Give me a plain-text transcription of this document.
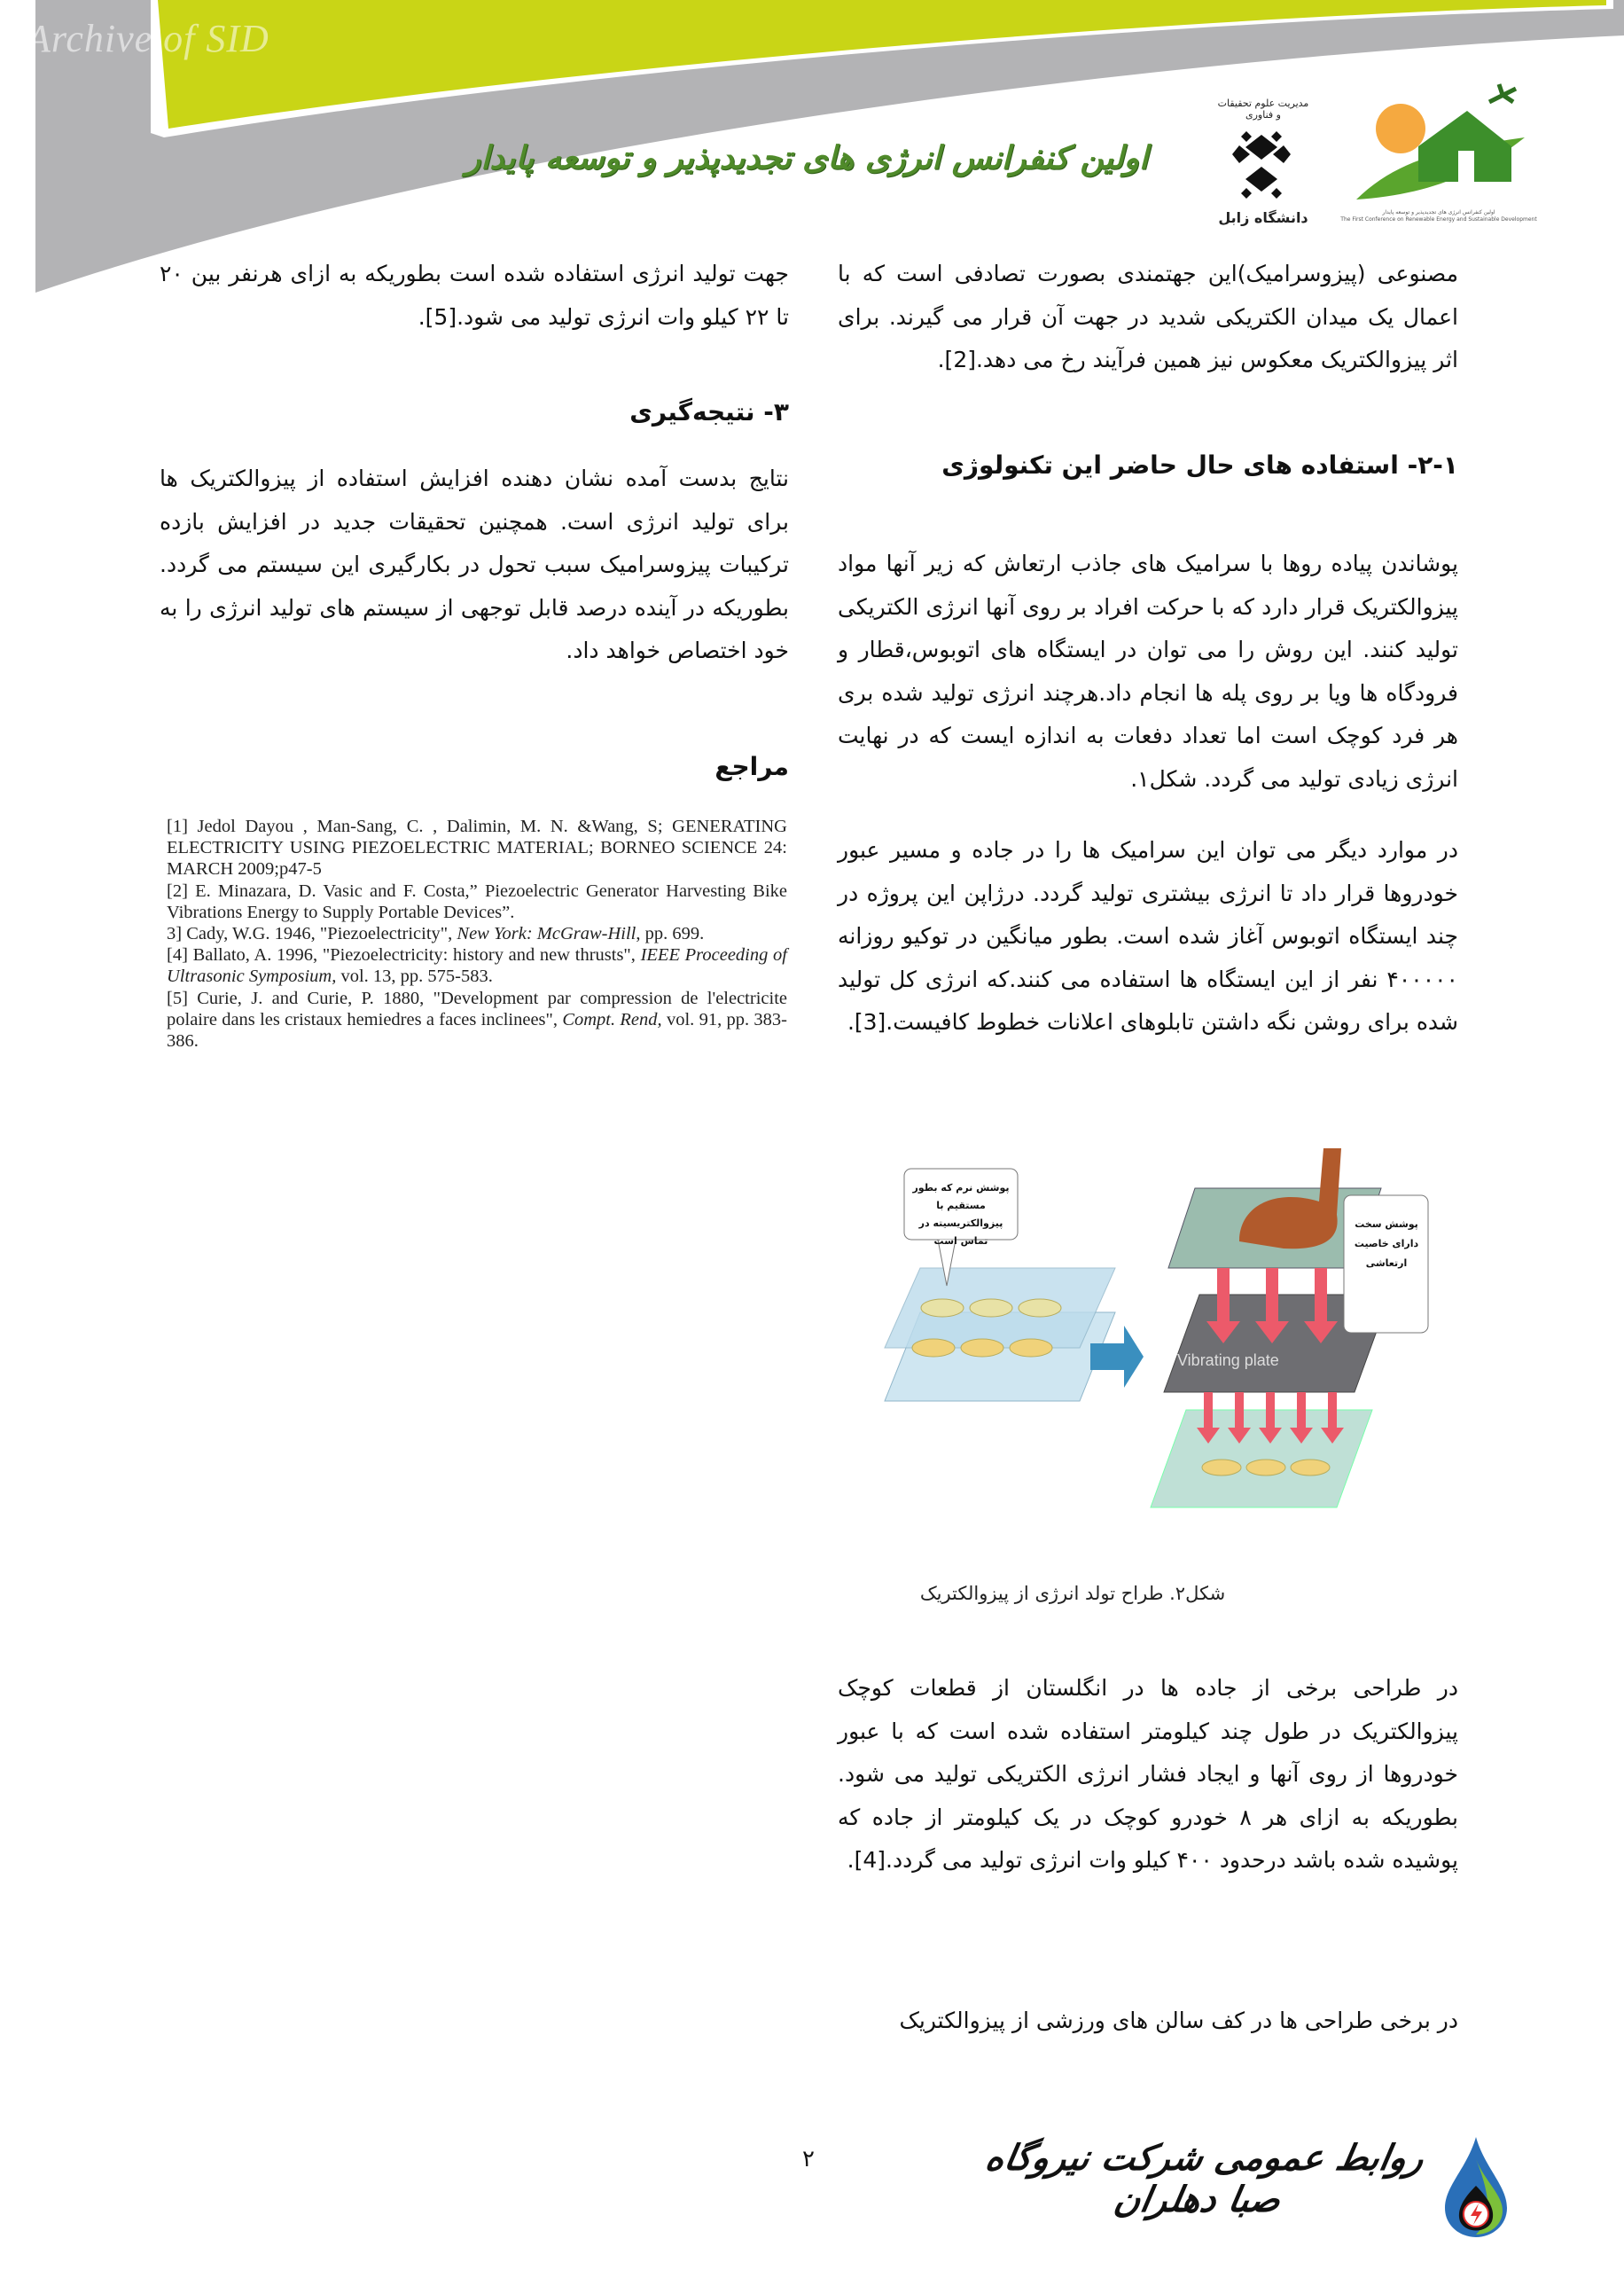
Archive of SID
اولین کنفرانس انرژی های تجدیدپذیر و توسعه پایدار
مدیریت علوم تحقیقات و فناوری
دانشگاه زابل	اولین کنفرانس انرژی های تجدیدپذیر و توسعه پایدار
The First Conference on Renewable Energy and Sustainable Development

مصنوعی (پیزوسرامیک)این جهتمندی بصورت تصادفی است که با اعمال یک میدان الکتریکی شدید در جهت آن قرار می گیرند. برای اثر پیزوالکتریک معکوس نیز همین فرآیند رخ می دهد.[2].

۲-۱- استفاده های حال حاضر این تکنولوژی

پوشاندن پیاده روها با سرامیک های جاذب ارتعاش که زیر آنها مواد پیزوالکتریک قرار دارد که با حرکت افراد بر روی آنها انرژی الکتریکی تولید کنند. این روش را می توان در ایستگاه های اتوبوس،قطار و فرودگاه ها ویا بر روی پله ها انجام داد.هرچند انرژی تولید شده بری هر فرد کوچک است اما تعداد دفعات به اندازه ایست که در نهایت انرژی زیادی تولید می گردد. شکل۱.

در موارد دیگر می توان این سرامیک ها را در جاده و مسیر عبور خودروها قرار داد تا انرژی بیشتری تولید گردد. درژاپن این پروژه در چند ایستگاه اتوبوس آغاز شده است. بطور میانگین در توکیو روزانه ۴۰۰۰۰۰ نفر از این ایستگاه ها استفاده می کنند.که انرژی کل تولید شده برای روشن نگه داشتن تابلوهای اعلانات خطوط کافیست.[3].

پوشش نرم که بطور مستقیم با پیزوالکتریسیته در تماس است
Vibrating plate
پوشش سخت دارای خاصیت ارتعاشی
شکل۲. طراح تولد انرژی از پیزوالکتریک

در طراحی برخی از جاده ها در انگلستان از قطعات کوچک پیزوالکتریک در طول چند کیلومتر استفاده شده است که با عبور خودروها از روی آنها و ایجاد فشار انرژی الکتریکی تولید می شود. بطوریکه به ازای هر ۸ خودرو کوچک در یک کیلومتر از جاده که پوشیده شده باشد درحدود ۴۰۰ کیلو وات انرژی تولید می گردد.[4].

در برخی طراحی ها در کف سالن های ورزشی از پیزوالکتریک

جهت تولید انرژی استفاده شده است بطوریکه به ازای هرنفر بین ۲۰ تا ۲۲ کیلو وات انرژی تولید می شود.[5].

۳- نتیجه‌گیری

نتایج بدست آمده نشان دهنده افزایش استفاده از پیزوالکتریک ها برای تولید انرژی است. همچنین تحقیقات جدید در افزایش بازده ترکیبات پیزوسرامیک سبب تحول در بکارگیری این سیستم می گردد. بطوریکه در آینده درصد قابل توجهی از سیستم های تولید انرژی را به خود اختصاص خواهد داد.

مراجع
[1] Jedol Dayou , Man-Sang, C. , Dalimin, M. N. &Wang, S; GENERATING ELECTRICITY USING PIEZOELECTRIC MATERIAL; BORNEO SCIENCE 24: MARCH 2009;p47-5
[2] E. Minazara, D. Vasic and F. Costa,” Piezoelectric Generator Harvesting Bike Vibrations Energy to Supply Portable Devices”.
3] Cady, W.G. 1946, "Piezoelectricity", New York: McGraw-Hill, pp. 699.
[4] Ballato, A. 1996, "Piezoelectricity: history and new thrusts", IEEE Proceeding of Ultrasonic Symposium, vol. 13, pp. 575-583.
[5] Curie, J. and Curie, P. 1880, "Development par compression de l'electricite polaire dans les cristaux hemiedres a faces inclinees", Compt. Rend, vol. 91, pp. 383-386.
۲	روابط عمومی شرکت نیروگاه صبا دهلران
